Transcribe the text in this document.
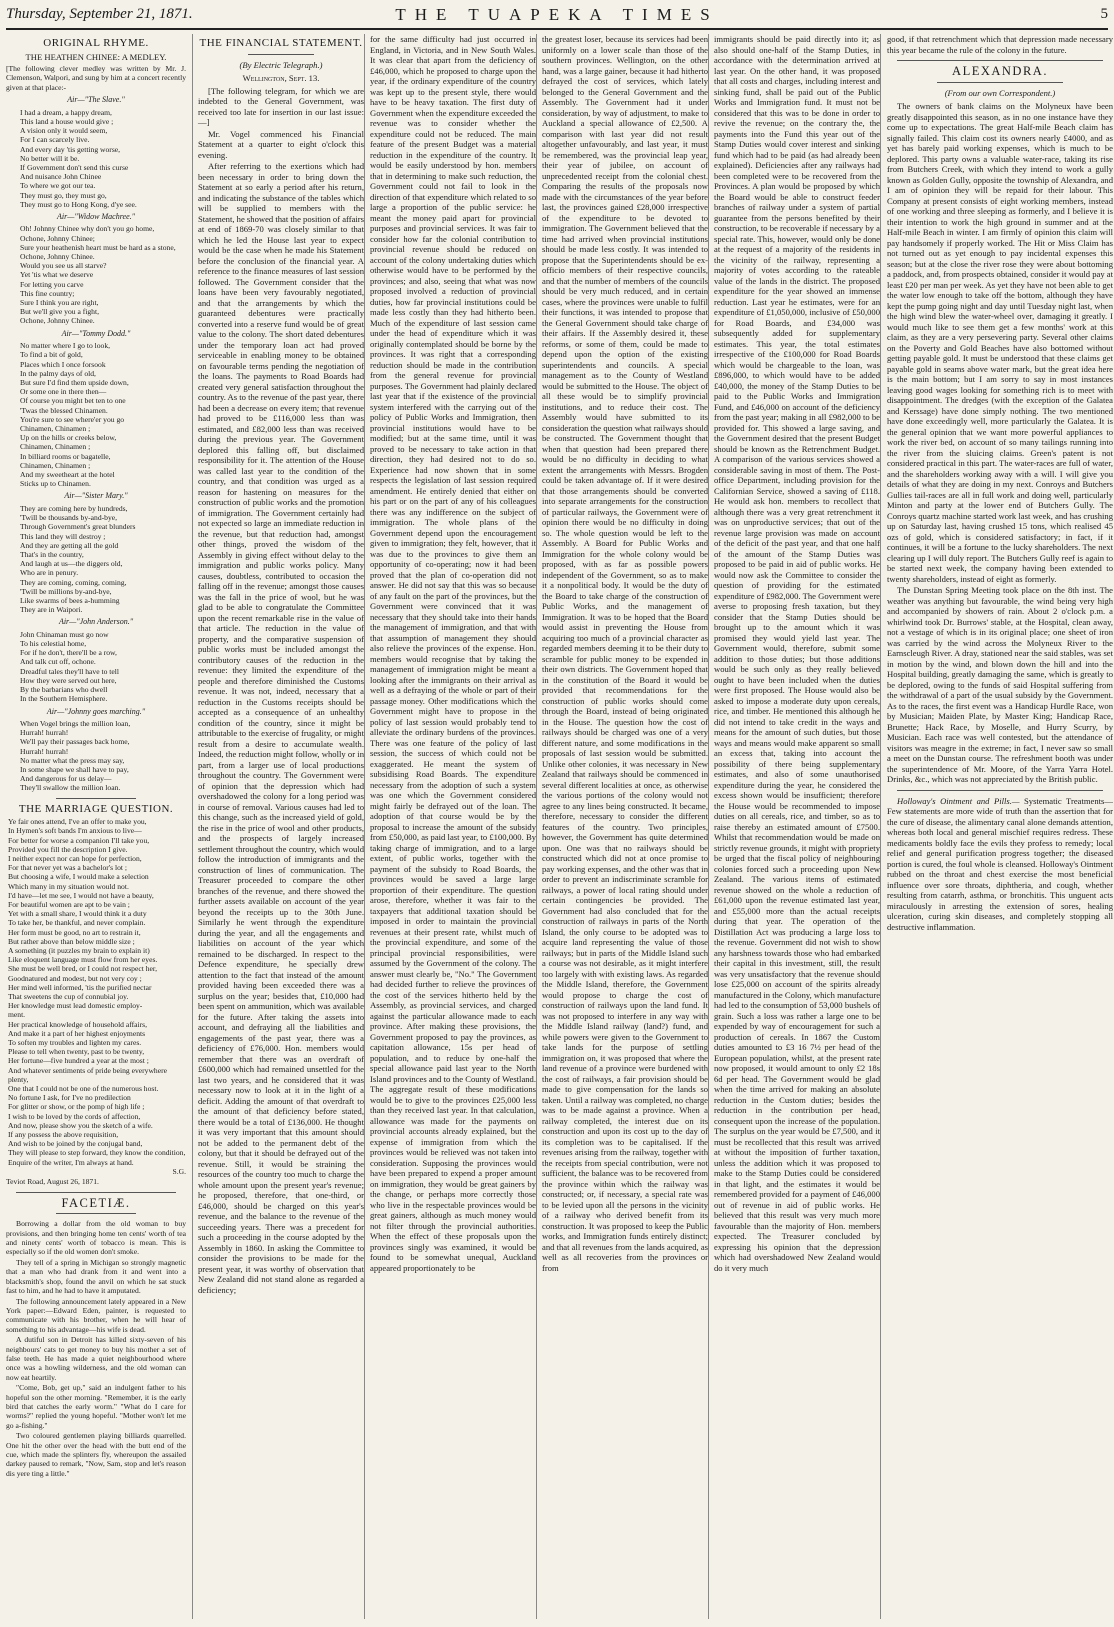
Thursday, September 21, 1871.	THE TUAPEKA TIMES	5
ORIGINAL RHYME.
THE HEATHEN CHINEE: A MEDLEY.
[The following clever medley was written by Mr. J. Clemenson, Walpori, and sung by him at a concert recently given at that place:-
Air—"The Slave."
I had a dream, a happy dream,
This land a house would give ;
A vision only it would seem,
For I can scarcely live.
And every day 'tis getting worse,
No better will it be.
If Government don't send this curse
And nuisance John Chinee
To where we got our tea.
They must go, they must go,
They must go to Hong Kong, d'ye see.
Air—"Widow Machree."
Oh! Johnny Chinee why don't you go home,
Ochone, Johnny Chinee;
Sure your heathenish heart must be hard as a stone,
Ochone, Johnny Chinee.
Would you see us all starve?
Yet 'tis what we deserve
For letting you carve
This fine country;
Sure I think you are right,
But we'll give you a fight,
Ochone, Johnny Chinee.
Air—"Tommy Dodd."
No matter where I go to look,
To find a bit of gold,
Places which I once forsook
In the palmy days of old,
But sure I'd find them upside down,
Or some one in there then—
Of course you might bet ten to one
'Twas the blessed Chinamen.
You're sure to see where'er you go
Chinamen, Chinamen ;
Up on the hills or creeks below,
Chinamen, Chinamen ;
In billiard rooms or bagatelle,
Chinamen, Chinamen ;
And my sweetheart at the hotel
Sticks up to Chinamen.
Air—"Sister Mary."
They are coming here by hundreds,
'Twill be thousands by-and-bye,
Through Government's great blunders
This land they will destroy ;
And they are getting all the gold
That's in the country,
And laugh at us—the diggers old,
Who are in penury.
They are coming, coming, coming,
'Twill be millions by-and-bye,
Like swarms of bees a-humming
They are in Waipori.
Air—"John Anderson."
John Chinaman must go now
To his celestial home,
For if he don't, there'll be a row,
And talk cut off, ochone.
Dreadful tales they'll have to tell
How they were served out here,
By the barbarians who dwell
In the Southern Hemisphere.
Air—"Johnny goes marching."
When Vogel brings the million loan,
Hurrah! hurrah!
We'll pay their passages back home,
Hurrah! hurrah!
No matter what the press may say,
In some shape we shall have to pay,
And dangerous for us delay—
They'll swallow the million loan.
THE MARRIAGE QUESTION.
Ye fair ones attend, I've an offer to make you,
In Hymen's soft bands I'm anxious to live—
For better for worse a companion I'll take you,
Provided you fill the description I give.
I neither expect nor can hope for perfection,
For that never yet was a bachelor's lot ;
But choosing a wife, I would make a selection
Which many in my situation would not.
I'd have—let me see, I would not have a beauty,
For beautiful women are apt to be vain ;
Yet with a small share, I would think it a duty
To take her, be thankful, and never complain.
Her form must be good, no art to restrain it,
But rather above than below middle size ;
A something (it puzzles my brain to explain it)
Like eloquent language must flow from her eyes.
She must be well bred, or I could not respect her,
Goodnatured and modest, but not very coy ;
Her mind well informed, 'tis the purified nectar
That sweetens the cup of connubial joy.
Her knowledge must lead domestic employ-
ment.
Her practical knowledge of household affairs,
And make it a part of her highest enjoyments
To soften my troubles and lighten my cares.
Please to tell when twenty, past to be twenty,
Her fortune—five hundred a year at the most ;
And whatever sentiments of pride being everywhere plenty,
One that I could not be one of the numerous host.
No fortune I ask, for I've no predilection
For glitter or show, or the pomp of high life ;
I wish to be loved by the cords of affection,
And now, please show you the sketch of a wife.
If any possess the above requisition,
And wish to be joined by the conjugal band,
They will please to step forward, they know the condition,
Enquire of the writer, I'm always at hand.
S.G.
Teviot Road, August 26, 1871.
FACETIÆ.

Borrowing a dollar from the old woman to buy provisions, and then bringing home ten cents' worth of tea and ninety cents' worth of tobacco is mean. This is especially so if the old women don't smoke.

They tell of a spring in Michigan so strongly magnetic that a man who had drank from it and went into a blacksmith's shop, found the anvil on which he sat stuck fast to him, and he had to have it amputated.

The following announcement lately appeared in a New York paper:—Edward Eden, painter, is requested to communicate with his brother, when he will hear of something to his advantage—his wife is dead.

A dutiful son in Detroit has killed sixty-seven of his neighbours' cats to get money to buy his mother a set of false teeth. He has made a quiet neighbourhood where once was a howling wilderness, and the old woman can now eat heartily.

"Come, Bob, get up," said an indulgent father to his hopeful son the other morning. "Remember, it is the early bird that catches the early worm." "What do I care for worms?" replied the young hopeful. "Mother won't let me go a-fishing."

Two coloured gentlemen playing billiards quarrelled. One hit the other over the head with the butt end of the cue, which made the splinters fly, whereupon the assailed darkey paused to remark, "Now, Sam, stop and let's reason dis yere ting a little."

THE FINANCIAL STATEMENT.
(By Electric Telegraph.)
Wellington, Sept. 13.

[The following telegram, for which we are indebted to the General Government, was received too late for insertion in our last issue:—]

Mr. Vogel commenced his Financial Statement at a quarter to eight o'clock this evening.

After referring to the exertions which had been necessary in order to bring down the Statement at so early a period after his return, and indicating the substance of the tables which will be supplied to members with the Statement, he showed that the position of affairs at end of 1869-70 was closely similar to that which he led the House last year to expect would be the case when he made his Statement before the conclusion of the financial year. A reference to the finance measures of last session followed. The Government consider that the loans have been very favourably negotiated, and that the arrangements by which the guaranteed debentures were practically converted into a reserve fund would be of great value to the colony. The short dated debentures under the temporary loan act had proved serviceable in enabling money to be obtained on favourable terms pending the negotiation of the loans. The payments to Road Boards had created very general satisfaction throughout the country. As to the revenue of the past year, there had been a decrease on every item; that revenue had proved to be £116,000 less than was estimated, and £82,000 less than was received during the previous year. The Government deplored this falling off, but disclaimed responsibility for it. The attention of the House was called last year to the condition of the country, and that condition was urged as a reason for hastening on measures for the construction of public works and the promotion of immigration. The Government certainly had not expected so large an immediate reduction in the revenue, but that reduction had, amongst other things, proved the wisdom of the Assembly in giving effect without delay to the immigration and public works policy. Many causes, doubtless, contributed to occasion the falling off in the revenue; amongst those causes was the fall in the price of wool, but he was glad to be able to congratulate the Committee upon the recent remarkable rise in the value of that article. The reduction in the value of property, and the comparative suspension of public works must be included amongst the contributory causes of the reduction in the revenue: they limited the expenditure of the people and therefore diminished the Customs revenue. It was not, indeed, necessary that a reduction in the Customs receipts should be accepted as a consequence of an unhealthy condition of the country, since it might be attributable to the exercise of frugality, or might result from a desire to accumulate wealth. Indeed, the reduction might follow, wholly or in part, from a larger use of local productions throughout the country. The Government were of opinion that the depression which had overshadowed the colony for a long period was in course of removal. Various causes had led to this change, such as the increased yield of gold, the rise in the price of wool and other products, and the prospects of largely increased settlement throughout the country, which would follow the introduction of immigrants and the construction of lines of communication. The Treasurer proceeded to compare the other branches of the revenue, and there showed the further assets available on account of the year beyond the receipts up to the 30th June. Similarly he went through the expenditure during the year, and all the engagements and liabilities on account of the year which remained to be discharged. In respect to the Defence expenditure, he specially drew attention to the fact that instead of the amount provided having been exceeded there was a surplus on the year; besides that, £10,000 had been spent on ammunition, which was available for the future. After taking the assets into account, and defraying all the liabilities and engagements of the past year, there was a deficiency of £76,000. Hon. members would remember that there was an overdraft of £600,000 which had remained unsettled for the last two years, and he considered that it was necessary now to look at it in the light of a deficit. Adding the amount of that overdraft to the amount of that deficiency before stated, there would be a total of £136,000. He thought it was very important that this amount should not be added to the permanent debt of the colony, but that it should be defrayed out of the revenue. Still, it would be straining the resources of the country too much to charge the whole amount upon the present year's revenue; he proposed, therefore, that one-third, or £46,000, should be charged on this year's revenue, and the balance to the revenue of the succeeding years. There was a precedent for such a proceeding in the course adopted by the Assembly in 1860. In asking the Committee to consider the provisions to be made for the present year, it was worthy of observation that New Zealand did not stand alone as regarded a deficiency;

for the same difficulty had just occurred in England, in Victoria, and in New South Wales. It was clear that apart from the deficiency of £46,000, which he proposed to charge upon the year, if the ordinary expenditure of the country was kept up to the present style, there would have to be heavy taxation. The first duty of Government when the expenditure exceeded the revenue was to consider whether the expenditure could not be reduced. The main feature of the present Budget was a material reduction in the expenditure of the country. It would be easily understood by hon. members that in determining to make such reduction, the Government could not fail to look in the direction of that expenditure which related to so large a proportion of the public service: he meant the money paid apart for provincial purposes and provincial services. It was fair to consider how far the colonial contribution to provincial revenue should be reduced on account of the colony undertaking duties which otherwise would have to be performed by the provinces; and also, seeing that what was now proposed involved a reduction of provincial duties, how far provincial institutions could be made less costly than they had hitherto been. Much of the expenditure of last session came under the head of expenditure which it was originally contemplated should be borne by the provinces. It was right that a corresponding reduction should be made in the contribution from the general revenue for provincial purposes. The Government had plainly declared last year that if the existence of the provincial system interfered with the carrying out of the policy of Public Works and Immigration, then provincial institutions would have to be modified; but at the same time, until it was proved to be necessary to take action in that direction, they had desired not to do so. Experience had now shown that in some respects the legislation of last session required amendment. He entirely denied that either on his part or on the part of any of his colleagues there was any indifference on the subject of immigration. The whole plans of the Government depend upon the encouragement given to immigration; they felt, however, that it was due to the provinces to give them an opportunity of co-operating; now it had been proved that the plan of co-operation did not answer. He did not say that this was so because of any fault on the part of the provinces, but the Government were convinced that it was necessary that they should take into their hands the management of immigration, and that with that assumption of management they should also relieve the provinces of the expense. Hon. members would recognise that by taking the management of immigration might be meant a looking after the immigrants on their arrival as well as a defraying of the whole or part of their passage money. Other modifications which the Government might have to propose in the policy of last session would probably tend to alleviate the ordinary burdens of the provinces. There was one feature of the policy of last session, the success of which could not be exaggerated. He meant the system of subsidising Road Boards. The expenditure necessary from the adoption of such a system was one which the Government considered might fairly be defrayed out of the loan. The adoption of that course would be by the proposal to increase the amount of the subsidy from £50,000, as paid last year, to £100,000. By taking charge of immigration, and to a large extent, of public works, together with the payment of the subsidy to Road Boards, the provinces would be saved a large large proportion of their expenditure. The question arose, therefore, whether it was fair to the taxpayers that additional taxation should be imposed in order to maintain the provincial revenues at their present rate, whilst much of the provincial expenditure, and some of the principal provincial responsibilities, were assumed by the Government of the colony. The answer must clearly be, "No." The Government had decided further to relieve the provinces of the cost of the services hitherto held by the Assembly, as provincial services, and charged against the particular allowance made to each province. After making these provisions, the Government proposed to pay the provinces, as capitation allowance, 15s per head of population, and to reduce by one-half the special allowance paid last year to the North Island provinces and to the County of Westland. The aggregate result of these modifications would be to give to the provinces £25,000 less than they received last year. In that calculation, allowance was made for the payments on provincial accounts already explained, but the expense of immigration from which the provinces would be relieved was not taken into consideration. Supposing the provinces would have been prepared to expend a proper amount on immigration, they would be great gainers by the change, or perhaps more correctly those who live in the respectable provinces would be great gainers, although as much money would not filter through the provincial authorities. When the effect of these proposals upon the provinces singly was examined, it would be found to be somewhat unequal, Auckland appeared proportionately to be

the greatest loser, because its services had been uniformly on a lower scale than those of the southern provinces. Wellington, on the other hand, was a large gainer, because it had hitherto defrayed the cost of services, which lately belonged to the General Government and the Assembly. The Government had it under consideration, by way of adjustment, to make to Auckland a special allowance of £2,500. A comparison with last year did not result altogether unfavourably, and last year, it must be remembered, was the provincial leap year, their year of jubilee, on account of unprecedented receipt from the colonial chest. Comparing the results of the proposals now made with the circumstances of the year before last, the provinces gained £28,000 irrespective of the expenditure to be devoted to immigration. The Government believed that the time had arrived when provincial institutions should be made less costly. It was intended to propose that the Superintendents should be ex-officio members of their respective councils, and that the number of members of the councils should be very much reduced, and in certain cases, where the provinces were unable to fulfil their functions, it was intended to propose that the General Government should take charge of their affairs. If the Assembly desired it, these reforms, or some of them, could be made to depend upon the option of the existing superintendents and councils. A special management as to the County of Westland would be submitted to the House. The object of all these would be to simplify provincial institutions, and to reduce their cost. The Assembly would have submitted to its consideration the question what railways should be constructed. The Government thought that when that question had been prepared there would be no difficulty in deciding to what extent the arrangements with Messrs. Brogden could be taken advantage of. If it were desired that those arrangements should be converted into separate arrangements for the construction of particular railways, the Government were of opinion there would be no difficulty in doing so. The whole question would be left to the Assembly. A Board for Public Works and Immigration for the whole colony would be proposed, with as far as possible powers independent of the Government, so as to make it a nonpolitical body. It would be the duty of the Board to take charge of the construction of Public Works, and the management of Immigration. It was to be hoped that the Board would assist in preventing the House from acquiring too much of a provincial character as regarded members deeming it to be their duty to scramble for public money to be expended in their own districts. The Government hoped that in the constitution of the Board it would be provided that recommendations for the construction of public works should come through the Board, instead of being originated in the House. The question how the cost of railways should be charged was one of a very different nature, and some modifications in the proposals of last session would be submitted. Unlike other colonies, it was necessary in New Zealand that railways should be commenced in several different localities at once, as otherwise the various portions of the colony would not agree to any lines being constructed. It became, therefore, necessary to consider the different features of the country. Two principles, however, the Government has quite determined upon. One was that no railways should be constructed which did not at once promise to pay working expenses, and the other was that in order to prevent an indiscriminate scramble for railways, a power of local rating should under certain contingencies be provided. The Government had also concluded that for the construction of railways in parts of the North Island, the only course to be adopted was to acquire land representing the value of those railways; but in parts of the Middle Island such a course was not desirable, as it might interfere too largely with with existing laws. As regarded the Middle Island, therefore, the Government would propose to charge the cost of construction of railways upon the land fund. It was not proposed to interfere in any way with the Middle Island railway (land?) fund, and while powers were given to the Government to take lands for the purpose of settling immigration on, it was proposed that where the land revenue of a province were burdened with the cost of railways, a fair provision should be made to give compensation for the lands so taken. Until a railway was completed, no charge was to be made against a province. When a railway completed, the interest due on its construction and upon its cost up to the day of its completion was to be capitalised. If the revenues arising from the railway, together with the receipts from special contribution, were not sufficient, the balance was to be recovered from the province within which the railway was constructed; or, if necessary, a special rate was to be levied upon all the persons in the vicinity of a railway who derived benefit from its construction. It was proposed to keep the Public works, and Immigration funds entirely distinct; and that all revenues from the lands acquired, as well as all recoveries from the provinces or from

immigrants should be paid directly into it; as also should one-half of the Stamp Duties, in accordance with the determination arrived at last year. On the other hand, it was proposed that all costs and charges, including interest and sinking fund, shall be paid out of the Public Works and Immigration fund. It must not be considered that this was to be done in order to revive the revenue; on the contrary the, the payments into the Fund this year out of the Stamp Duties would cover interest and sinking fund which had to be paid (as had already been explained). Deficiencies after any railways had been completed were to be recovered from the Provinces. A plan would be proposed by which the Board would be able to construct feeder branches of railway under a system of partial guarantee from the persons benefited by their construction, to be recoverable if necessary by a special rate. This, however, would only be done at the request of a majority of the residents in the vicinity of the railway, representing a majority of votes according to the rateable value of the lands in the district. The proposed expenditure for the year showed an immense reduction. Last year he estimates, were for an expenditure of £1,050,000, inclusive of £50,000 for Road Boards, and £34,000 was subsequently added for supplementary estimates. This year, the total estimates irrespective of the £100,000 for Road Boards which would be chargeable to the loan, was £896,000, to which would have to be added £40,000, the money of the Stamp Duties to be paid to the Public Works and Immigration Fund, and £46,000 on account of the deficiency from the past year; making in all £982,000 to be provided for. This showed a large saving, and the Government desired that the present Budget should be known as the Retrenchment Budget. A comparison of the various services showed a considerable saving in most of them. The Post-office Department, including provision for the Californian Service, showed a saving of £118. He would ask hon. members to recollect that although there was a very great retrenchment it was on unproductive services; that out of the revenue large provision was made on account of the deficit of the past year, and that one half of the amount of the Stamp Duties was proposed to be paid in aid of public works. He would now ask the Committee to consider the question of providing for the estimated expenditure of £982,000. The Government were averse to proposing fresh taxation, but they consider that the Stamp Duties should be brought up to the amount which it was promised they would yield last year. The Government would, therefore, submit some addition to those duties; but those additions would be such only as they really believed ought to have been included when the duties were first proposed. The House would also be asked to impose a moderate duty upon cereals, rice, and timber. He mentioned this although he did not intend to take credit in the ways and means for the amount of such duties, but those ways and means would make apparent so small an excess that, taking into account the possibility of there being supplementary estimates, and also of some unauthorised expenditure during the year, he considered the excess shown would be insufficient; therefore the House would be recommended to impose duties on all cereals, rice, and timber, so as to raise thereby an estimated amount of £7500. Whilst that recommendation would be made on strictly revenue grounds, it might with propriety be urged that the fiscal policy of neighbouring colonies forced such a proceeding upon New Zealand. The various items of estimated revenue showed on the whole a reduction of £61,000 upon the revenue estimated last year, and £55,000 more than the actual receipts during that year. The operation of the Distillation Act was producing a large loss to the revenue. Government did not wish to show any harshness towards those who had embarked their capital in this investment, still, the result was very unsatisfactory that the revenue should lose £25,000 on account of the spirits already manufactured in the Colony, which manufacture had led to the consumption of 53,000 bushels of grain. Such a loss was rather a large one to be expended by way of encouragement for such a production of cereals. In 1867 the Custom duties amounted to £3 16 7½ per head of the European population, whilst, at the present rate now proposed, it would amount to only £2 18s 6d per head. The Government would be glad when the time arrived for making an absolute reduction in the Custom duties; besides the reduction in the contribution per head, consequent upon the increase of the population. The surplus on the year would be £7,500, and it must be recollected that this result was arrived at without the imposition of further taxation, unless the addition which it was proposed to make to the Stamp Duties could be considered in that light, and the estimates it would be remembered provided for a payment of £46,000 out of revenue in aid of public works. He believed that this result was very much more favourable than the majority of Hon. members expected. The Treasurer concluded by expressing his opinion that the depression which had overshadowed New Zealand would do it very much

good, if that retrenchment which that depression made necessary this year became the rule of the colony in the future.

ALEXANDRA.
(From our own Correspondent.)

The owners of bank claims on the Molyneux have been greatly disappointed this season, as in no one instance have they come up to expectations. The great Half-mile Beach claim has signally failed. This claim cost its owners nearly £4000, and as yet has barely paid working expenses, which is much to be deplored. This party owns a valuable water-race, taking its rise from Butchers Creek, with which they intend to work a gully known as Golden Gully, opposite the township of Alexandra, and I am of opinion they will be repaid for their labour. This Company at present consists of eight working members, instead of one working and three sleeping as formerly, and I believe it is their intention to work the high ground in summer and at the Half-mile Beach in winter. I am firmly of opinion this claim will pay handsomely if properly worked. The Hit or Miss Claim has not turned out as yet enough to pay incidental expenses this season; but at the close the river rose they were about bottoming a paddock, and, from prospects obtained, consider it would pay at least £20 per man per week. As yet they have not been able to get the water low enough to take off the bottom, although they have kept the pump going night and day until Tuesday night last, when the high wind blew the water-wheel over, damaging it greatly. I would much like to see them get a few months' work at this claim, as they are a very persevering party. Several other claims on the Poverty and Gold Beaches have also bottomed without getting payable gold. It must be understood that these claims get payable gold in seams above water mark, but the great idea here is the main bottom; but I am sorry to say in most instances leaving good wages looking for something rich is to meet with disappointment. The dredges (with the exception of the Galatea and Kerssage) have done simply nothing. The two mentioned have done exceedingly well, more particularly the Galatea. It is the general opinion that we want more powerful appliances to work the river bed, on account of so many tailings running into the river from the sluicing claims. Green's patent is not considered practical in this part. The water-races are full of water, and the shareholders working away with a will. I will give you details of what they are doing in my next. Conroys and Butchers Gullies tail-races are all in full work and doing well, particularly Minton and party at the lower end of Butchers Gully. The Conroys quartz machine started work last week, and has crushing up on Saturday last, having crushed 15 tons, which realised 45 ozs of gold, which is considered satisfactory; in fact, if it continues, it will be a fortune to the lucky shareholders. The next clearing up I will duly report. The Butchers Gully reef is again to be started next week, the company having been extended to twenty shareholders, instead of eight as formerly.

The Dunstan Spring Meeting took place on the 8th inst. The weather was anything but favourable, the wind being very high and accompanied by showers of rain. About 2 o'clock p.m. a whirlwind took Dr. Burrows' stable, at the Hospital, clean away, not a vestage of which is in its original place; one sheet of iron was carried by the wind across the Molyneux River to the Earnscleugh River. A dray, stationed near the said stables, was set in motion by the wind, and blown down the hill and into the Hospital building, greatly damaging the same, which is greatly to be deplored, owing to the funds of said Hospital suffering from the withdrawal of a part of the usual subsidy by the Government. As to the races, the first event was a Handicap Hurdle Race, won by Musician; Maiden Plate, by Master King; Handicap Race, Brunette; Hack Race, by Moselle, and Hurry Scurry, by Musician. Each race was well contested, but the attendance of visitors was meagre in the extreme; in fact, I never saw so small a meet on the Dunstan course. The refreshment booth was under the superintendence of Mr. Moore, of the Yarra Yarra Hotel. Drinks, &c., which was not appreciated by the British public.

Holloway's Ointment and Pills.— Systematic Treatments—Few statements are more wide of truth than the assertion that for the cure of disease, the alimentary canal alone demands attention, whereas both local and general mischief requires redress. These medicaments boldly face the evils they profess to remedy; local relief and general purification progress together; the diseased portion is cured, the foul whole is cleansed. Holloway's Ointment rubbed on the throat and chest exercise the most beneficial influence over sore throats, diphtheria, and cough, whether resulting from catarrh, asthma, or bronchitis. This unguent acts miraculously in arresting the extension of sores, healing ulceration, curing skin diseases, and completely stopping all destructive inflammation.
